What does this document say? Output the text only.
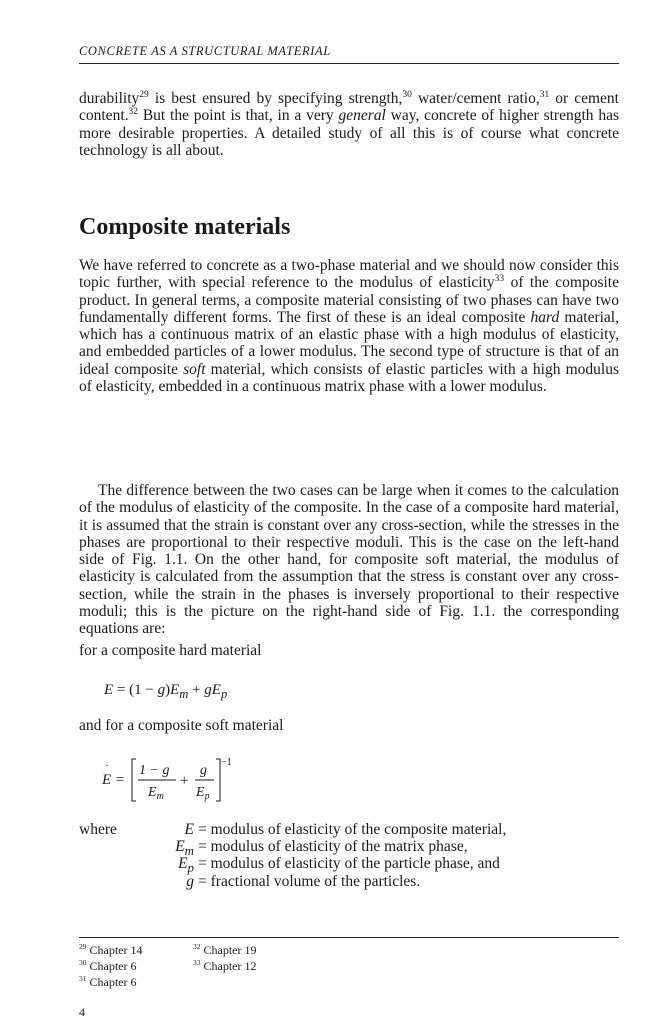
CONCRETE AS A STRUCTURAL MATERIAL

durability$^{29}$ is best ensured by specifying strength,$^{30}$ water/cement ratio,$^{31}$ or cement content.$^{32}$ But the point is that, in a very general way, concrete of higher strength has more desirable properties. A detailed study of all this is of course what concrete technology is all about.

Composite materials

We have referred to concrete as a two-phase material and we should now consider this topic further, with special reference to the modulus of elasticity$^{33}$ of the composite product. In general terms, a composite material consisting of two phases can have two fundamentally different forms. The first of these is an ideal composite hard material, which has a continuous matrix of an elastic phase with a high modulus of elasticity, and embedded particles of a lower modulus. The second type of structure is that of an ideal composite soft material, which consists of elastic particles with a high modulus of elasticity, embedded in a continuous matrix phase with a lower modulus.

The difference between the two cases can be large when it comes to the calculation of the modulus of elasticity of the composite. In the case of a composite hard material, it is assumed that the strain is constant over any cross-section, while the stresses in the phases are proportional to their respective moduli. This is the case on the left-hand side of Fig. 1.1. On the other hand, for composite soft material, the modulus of elasticity is calculated from the assumption that the stress is constant over any cross-section, while the strain in the phases is inversely proportional to their respective moduli; this is the picture on the right-hand side of Fig. 1.1. the corresponding equations are:

for a composite hard material

$E = (1 - g)E_m + gE_p$

and for a composite soft material

E =
· 1 − g
$E_m$
+
g
$E_p$
−1
where	E = modulus of elasticity of the composite material,
$E_m$ = modulus of elasticity of the matrix phase,
$E_p$ = modulus of elasticity of the particle phase, and
g = fractional volume of the particles.
$^{29}$ Chapter 14
$^{30}$ Chapter 6
$^{31}$ Chapter 6
$^{32}$ Chapter 19
$^{33}$ Chapter 12
4
